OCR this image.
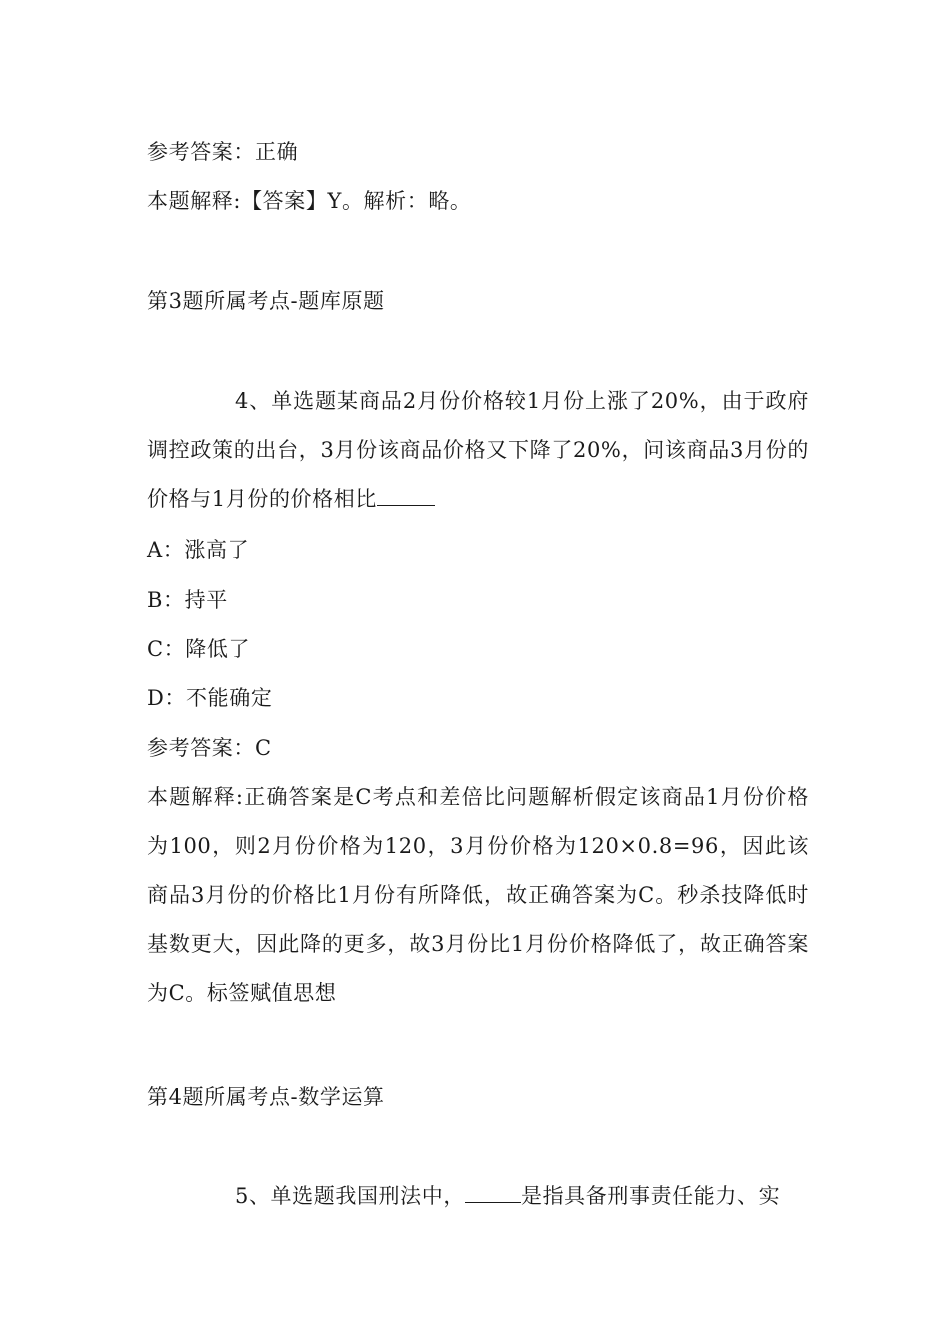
参考答案：正确
本题解释:【答案】Y。解析：略。
第3题所属考点-题库原题
4、单选题某商品2月份价格较1月份上涨了20%，由于政府调控政策的出台，3月份该商品价格又下降了20%，问该商品3月份的价格与1月份的价格相比
A：涨高了
B：持平
C：降低了
D：不能确定
参考答案：C
本题解释:正确答案是C考点和差倍比问题解析假定该商品1月份价格为100，则2月份价格为120，3月份价格为120×0.8=96，因此该商品3月份的价格比1月份有所降低，故正确答案为C。秒杀技降低时基数更大，因此降的更多，故3月份比1月份价格降低了，故正确答案为C。标签赋值思想
第4题所属考点-数学运算
5、单选题我国刑法中，	是指具备刑事责任能力、实
